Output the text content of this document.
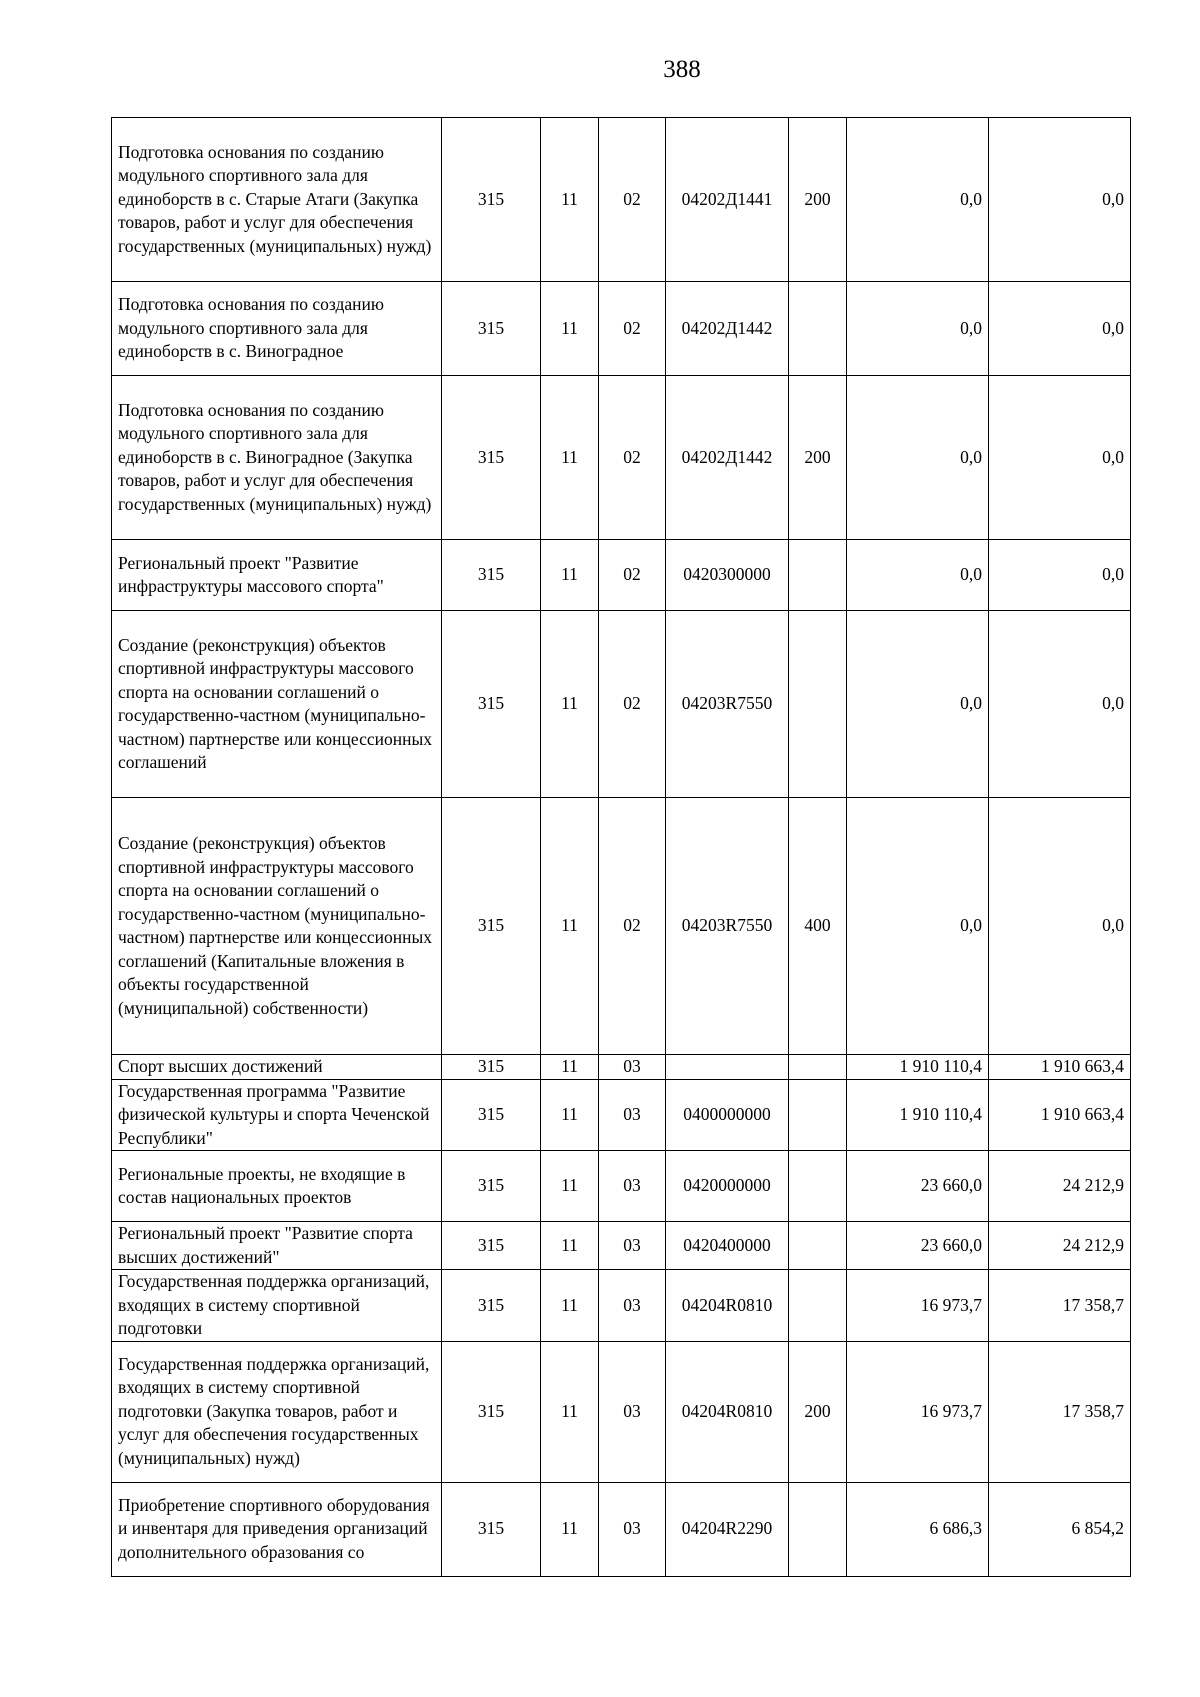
388
Подготовка основания по созданию модульного спортивного зала для единоборств в с. Старые Атаги (Закупка товаров, работ и услуг для обеспечения государственных (муниципальных) нужд)	315	11	02	04202Д1441	200	0,0	0,0
Подготовка основания по созданию модульного спортивного зала для единоборств в с. Виноградное	315	11	02	04202Д1442		0,0	0,0
Подготовка основания по созданию модульного спортивного зала для единоборств в с. Виноградное (Закупка товаров, работ и услуг для обеспечения государственных (муниципальных) нужд)	315	11	02	04202Д1442	200	0,0	0,0
Региональный проект "Развитие инфраструктуры массового спорта"	315	11	02	0420300000		0,0	0,0
Создание (реконструкция) объектов спортивной инфраструктуры массового спорта на основании соглашений о государственно-частном (муниципально-частном) партнерстве или концессионных соглашений	315	11	02	04203R7550		0,0	0,0
Создание (реконструкция) объектов спортивной инфраструктуры массового спорта на основании соглашений о государственно-частном (муниципально-частном) партнерстве или концессионных соглашений (Капитальные вложения в объекты государственной (муниципальной) собственности)	315	11	02	04203R7550	400	0,0	0,0
Спорт высших достижений	315	11	03			1 910 110,4	1 910 663,4
Государственная программа "Развитие физической культуры и спорта Чеченской Республики"	315	11	03	0400000000		1 910 110,4	1 910 663,4
Региональные проекты, не входящие в состав национальных проектов	315	11	03	0420000000		23 660,0	24 212,9
Региональный проект "Развитие спорта высших достижений"	315	11	03	0420400000		23 660,0	24 212,9
Государственная поддержка организаций, входящих в систему спортивной подготовки	315	11	03	04204R0810		16 973,7	17 358,7
Государственная поддержка организаций, входящих в систему спортивной подготовки (Закупка товаров, работ и услуг для обеспечения государственных (муниципальных) нужд)	315	11	03	04204R0810	200	16 973,7	17 358,7
Приобретение спортивного оборудования и инвентаря для приведения организаций дополнительного образования со	315	11	03	04204R2290		6 686,3	6 854,2
